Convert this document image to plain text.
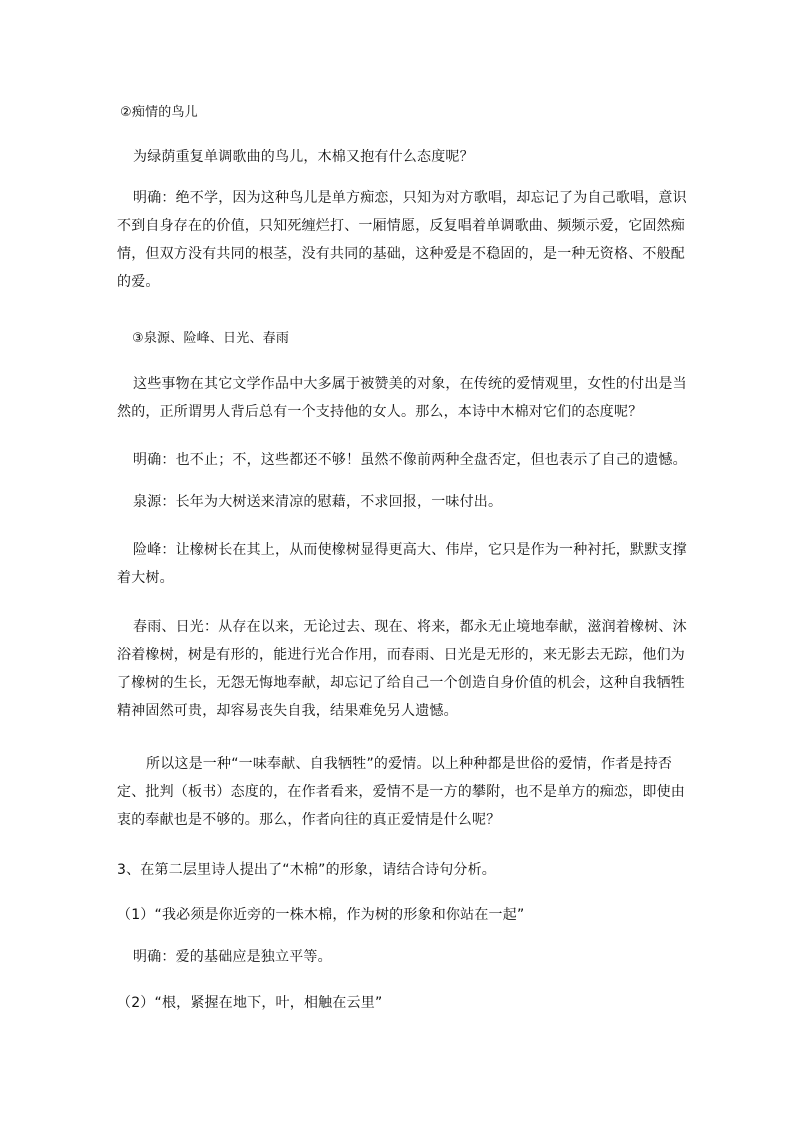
②痴情的鸟儿
为绿荫重复单调歌曲的鸟儿，木棉又抱有什么态度呢？
明确：绝不学，因为这种鸟儿是单方痴恋，只知为对方歌唱，却忘记了为自己歌唱，意识
不到自身存在的价值，只知死缠烂打、一厢情愿，反复唱着单调歌曲、频频示爱，它固然痴
情，但双方没有共同的根茎，没有共同的基础，这种爱是不稳固的，是一种无资格、不般配
的爱。
③泉源、险峰、日光、春雨
这些事物在其它文学作品中大多属于被赞美的对象，在传统的爱情观里，女性的付出是当
然的，正所谓男人背后总有一个支持他的女人。那么，本诗中木棉对它们的态度呢？
明确：也不止；不，这些都还不够！虽然不像前两种全盘否定，但也表示了自己的遗憾。
泉源：长年为大树送来清凉的慰藉，不求回报，一味付出。
险峰：让橡树长在其上，从而使橡树显得更高大、伟岸，它只是作为一种衬托，默默支撑
着大树。
春雨、日光：从存在以来，无论过去、现在、将来，都永无止境地奉献，滋润着橡树、沐
浴着橡树，树是有形的，能进行光合作用，而春雨、日光是无形的，来无影去无踪，他们为
了橡树的生长，无怨无悔地奉献，却忘记了给自己一个创造自身价值的机会，这种自我牺牲
精神固然可贵，却容易丧失自我，结果难免另人遗憾。
所以这是一种“一味奉献、自我牺牲”的爱情。以上种种都是世俗的爱情，作者是持否
定、批判（板书）态度的，在作者看来，爱情不是一方的攀附，也不是单方的痴恋，即使由
衷的奉献也是不够的。那么，作者向往的真正爱情是什么呢？
3、在第二层里诗人提出了“木棉”的形象，请结合诗句分析。
（1）“我必须是你近旁的一株木棉，作为树的形象和你站在一起”
明确：爱的基础应是独立平等。
（2）“根，紧握在地下，叶，相触在云里”
